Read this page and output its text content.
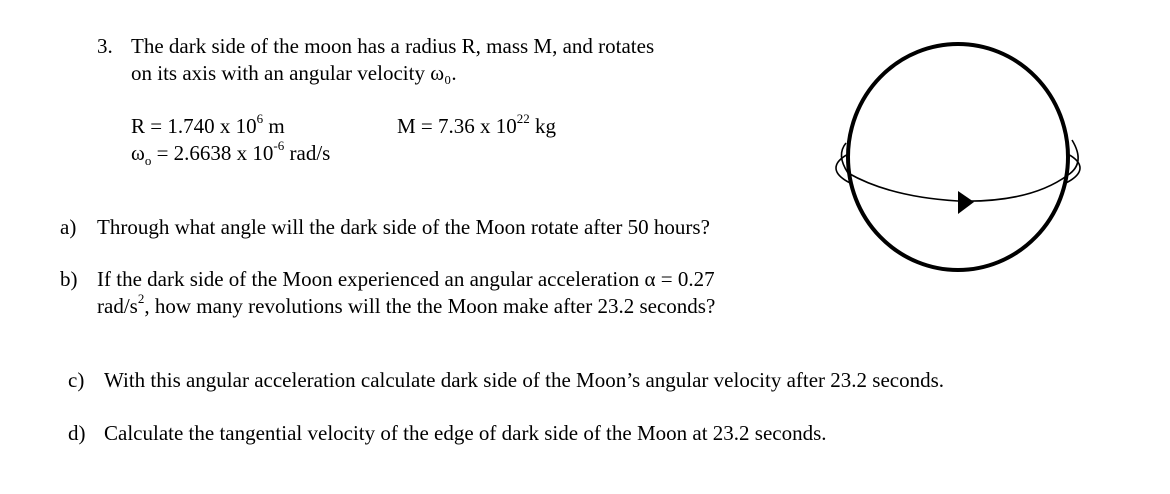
3. The dark side of the moon has a radius R, mass M, and rotates
on its axis with an angular velocity ω₀.
R = 1.740 x $10^6$ m	M = 7.36 x $10^{22}$ kg
$\omega_o = 2.6638$ x $10^{-6}$ rad/s
a) Through what angle will the dark side of the Moon rotate after 50 hours?
b) If the dark side of the Moon experienced an angular acceleration α = 0.27
rad/$s^2$, how many revolutions will the the Moon make after 23.2 seconds?
c) With this angular acceleration calculate dark side of the Moon’s angular velocity after 23.2 seconds.
d) Calculate the tangential velocity of the edge of dark side of the Moon at 23.2 seconds.
